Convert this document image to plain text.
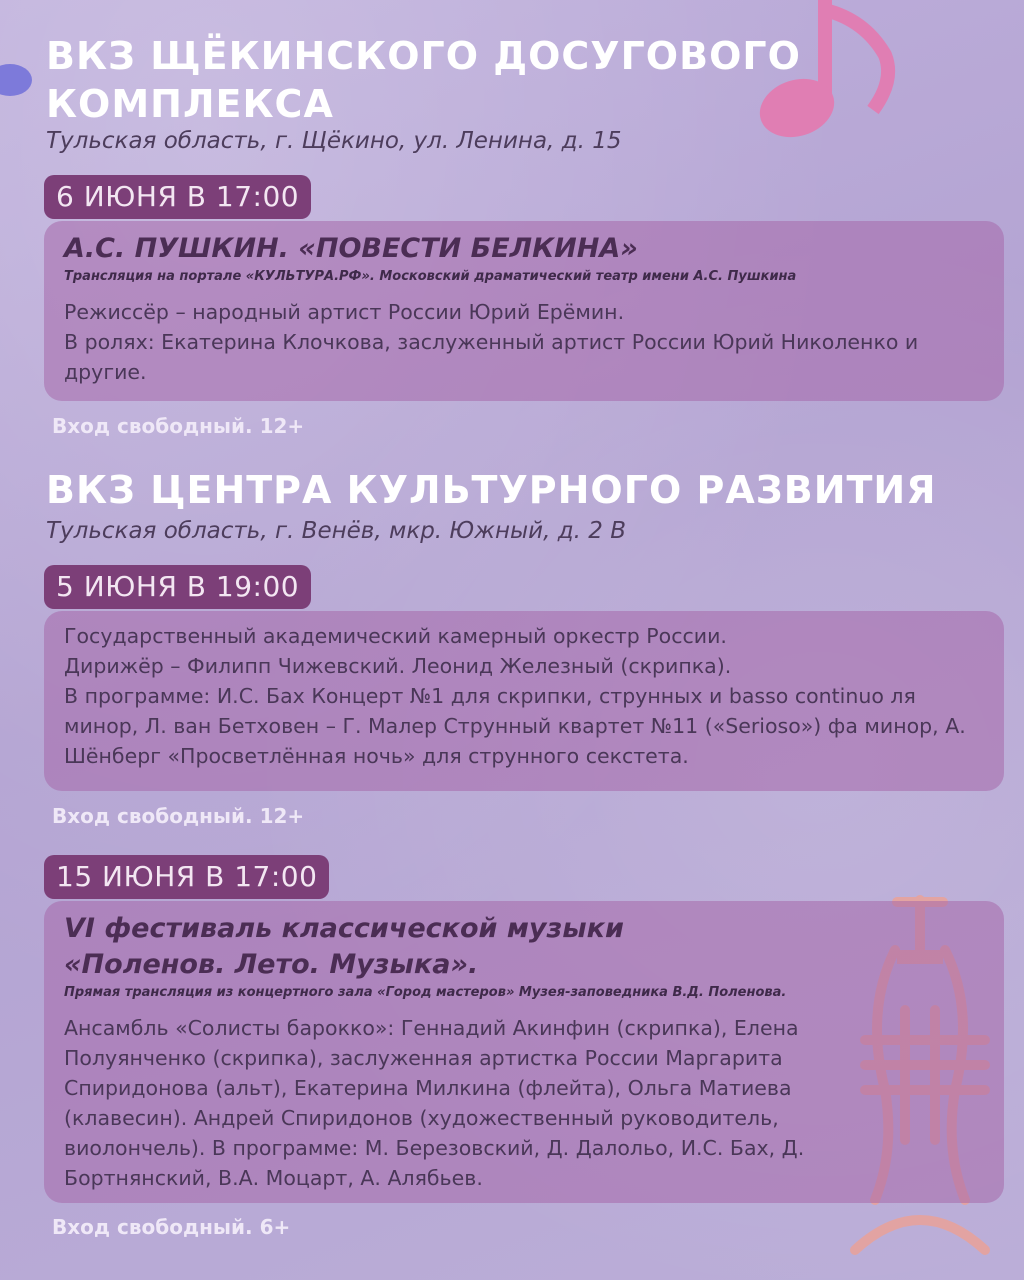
ВКЗ ЩЁКИНСКОГО ДОСУГОВОГО КОМПЛЕКСА

Тульская область, г. Щёкино, ул. Ленина, д. 15

6 ИЮНЯ В 17:00

А.С. ПУШКИН. «ПОВЕСТИ БЕЛКИНА»

Трансляция на портале «КУЛЬТУРА.РФ». Московский драматический театр имени А.С. Пушкина

Режиссёр – народный артист России Юрий Ерёмин.
В ролях: Екатерина Клочкова, заслуженный артист России Юрий Николенко и другие.

Вход свободный. 12+
ВКЗ ЦЕНТРА КУЛЬТУРНОГО РАЗВИТИЯ

Тульская область, г. Венёв, мкр. Южный, д. 2 В

5 ИЮНЯ В 19:00

Государственный академический камерный оркестр России.
Дирижёр – Филипп Чижевский. Леонид Железный (скрипка).
В программе: И.С. Бах Концерт №1 для скрипки, струнных и basso continuo ля минор, Л. ван Бетховен – Г. Малер Струнный квартет №11 («Serioso») фа минор, А. Шёнберг «Просветлённая ночь» для струнного секстета.

Вход свободный. 12+
15 ИЮНЯ В 17:00

VI фестиваль классической музыки «Поленов. Лето. Музыка».

Прямая трансляция из концертного зала «Город мастеров» Музея-заповедника В.Д. Поленова.

Ансамбль «Солисты барокко»: Геннадий Акинфин (скрипка), Елена Полуянченко (скрипка), заслуженная артистка России Маргарита Спиридонова (альт), Екатерина Милкина (флейта), Ольга Матиева (клавесин). Андрей Спиридонов (художественный руководитель, виолончель). В программе: М. Березовский, Д. Далольо, И.С. Бах, Д. Бортнянский, В.А. Моцарт, А. Алябьев.

Вход свободный. 6+
